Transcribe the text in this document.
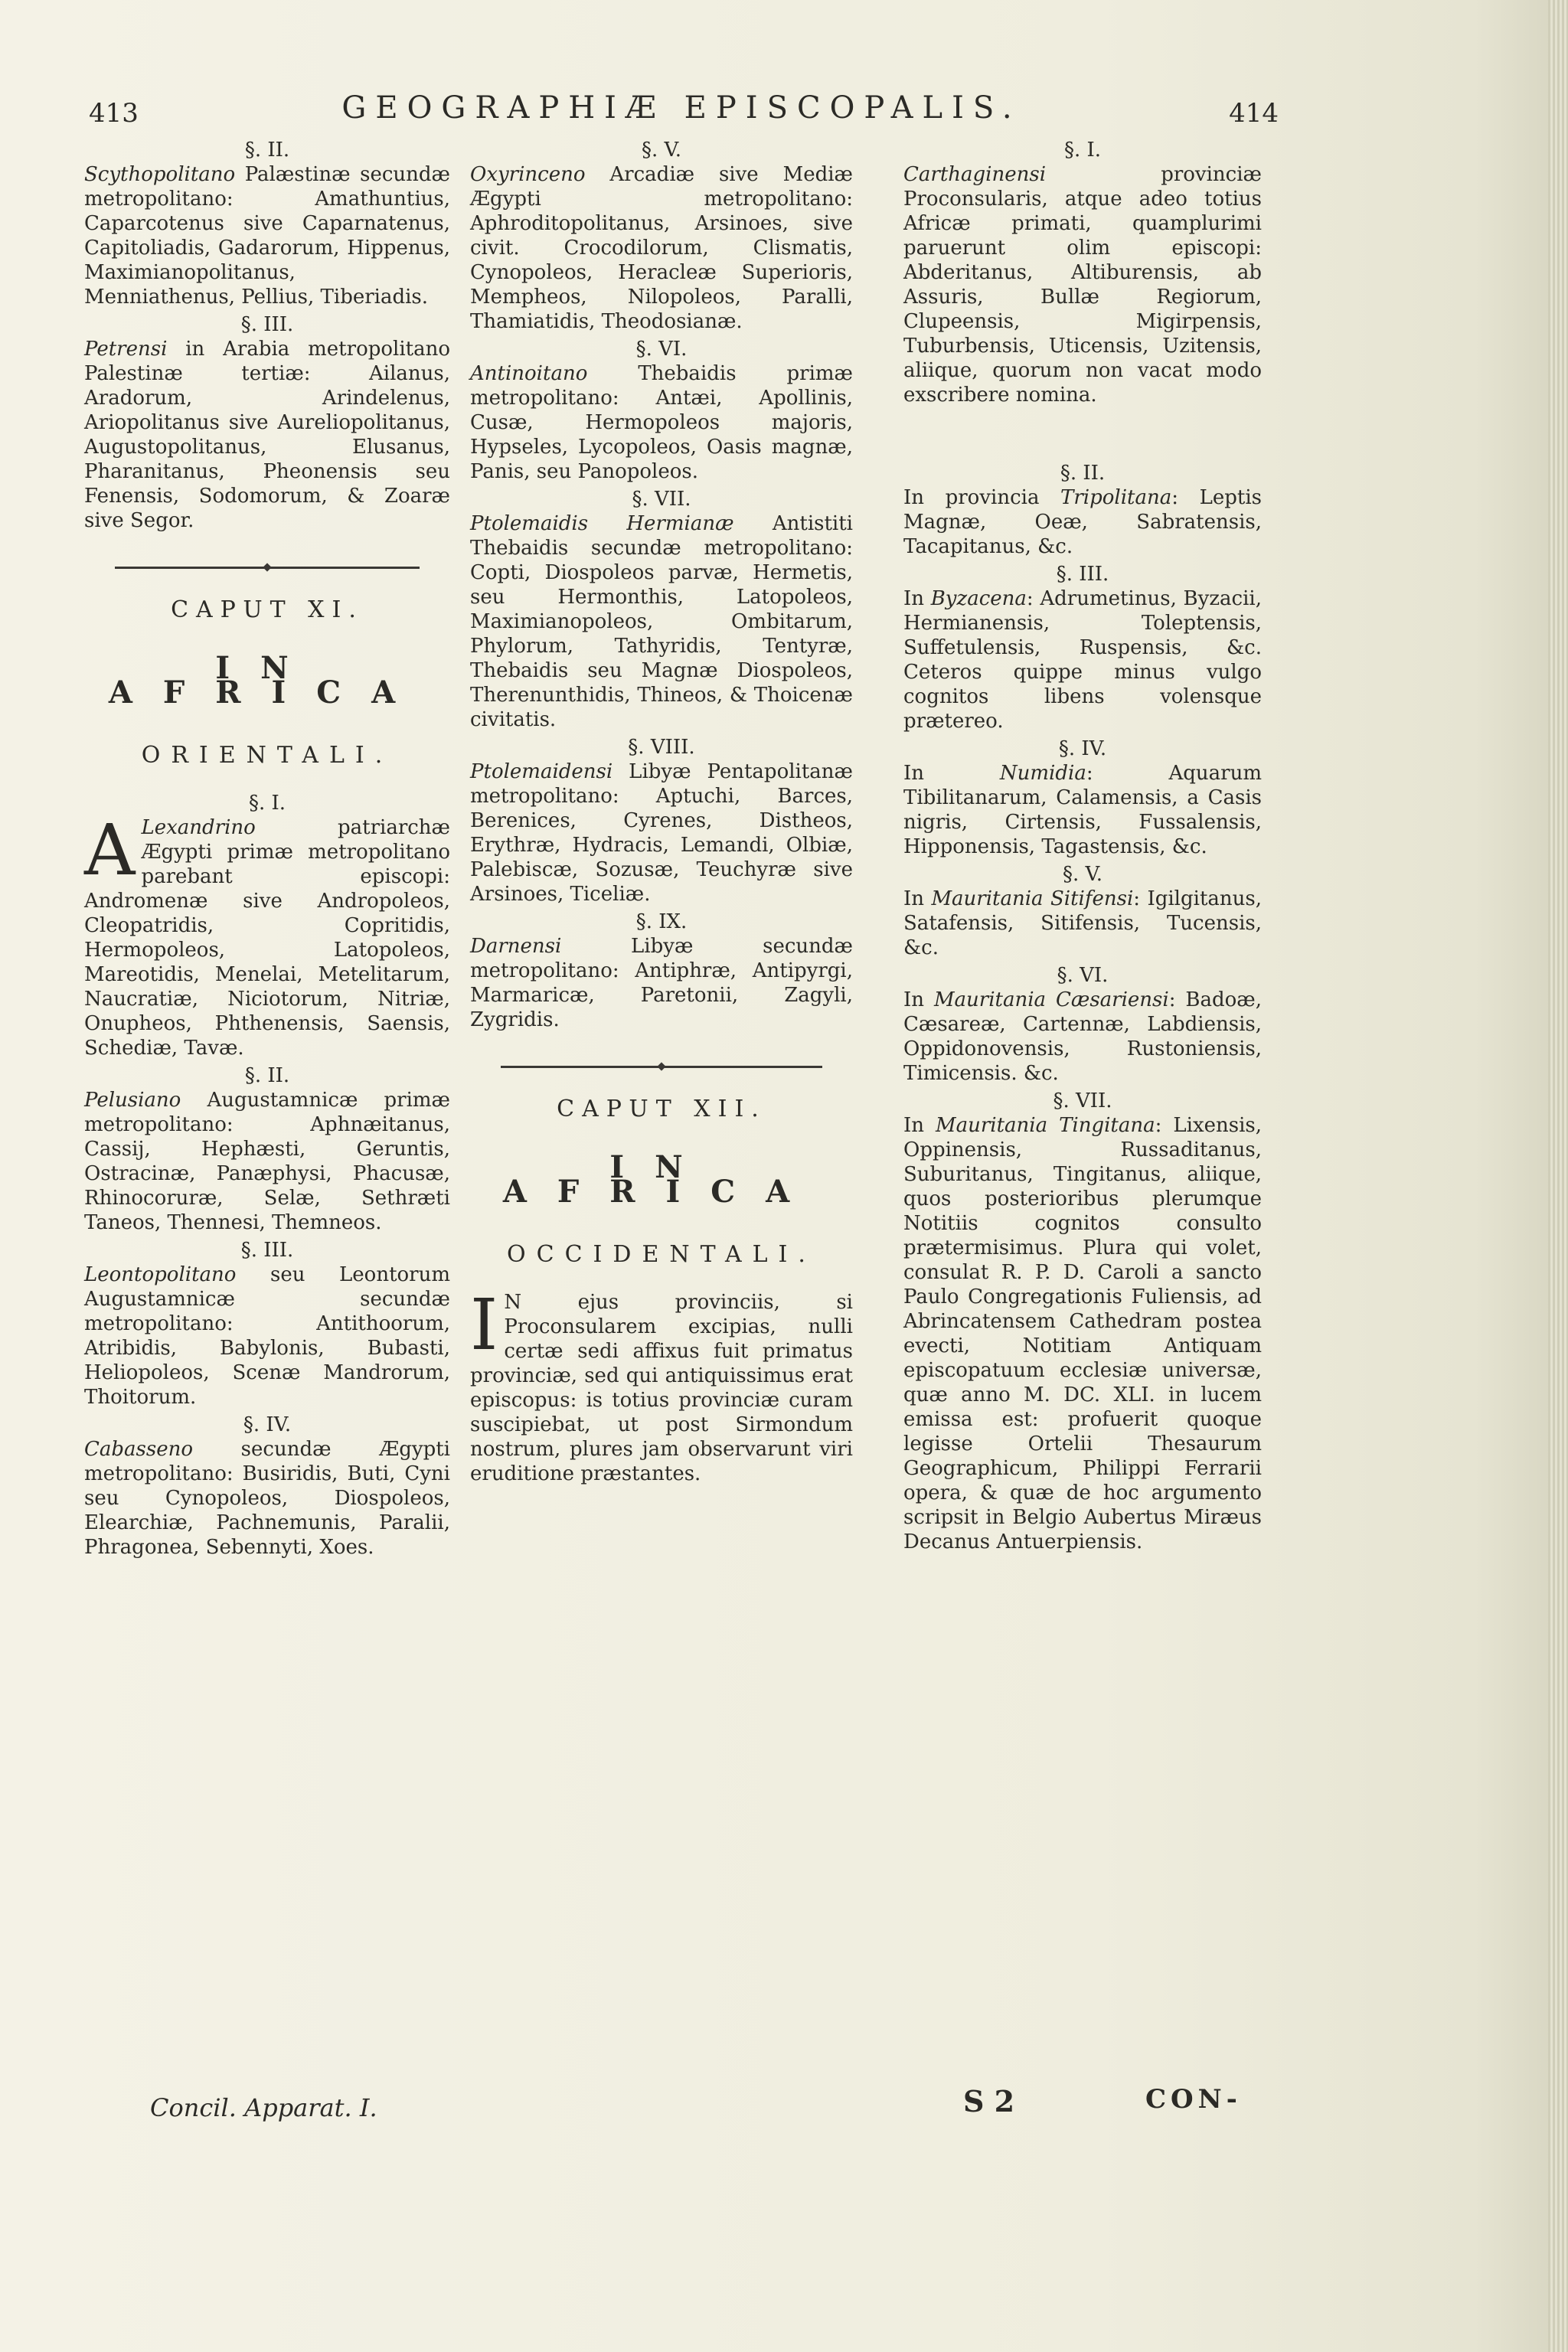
413	GEOGRAPHIÆ EPISCOPALIS.	414
§. II.

Scythopolitano Palæstinæ secundæ metropolitano: Amathuntius, Caparcotenus sive Caparnatenus, Capitoliadis, Gadarorum, Hippenus, Maximianopolitanus, Menniathenus, Pellius, Tiberiadis.

§. III.

Petrensi in Arabia metropolitano Palestinæ tertiæ: Ailanus, Aradorum, Arindelenus, Ariopolitanus sive Aureliopolitanus, Augustopolitanus, Elusanus, Pharanitanus, Pheonensis seu Fenensis, Sodomorum, & Zoaræ sive Segor.

CAPUT XI.
IN AFRICA
ORIENTALI.
§. I.

A Lexandrino patriarchæ Ægypti primæ metropolitano parebant episcopi: Andromenæ sive Andropoleos, Cleopatridis, Copritidis, Hermopoleos, Latopoleos, Mareotidis, Menelai, Metelitarum, Naucratiæ, Niciotorum, Nitriæ, Onupheos, Phthenensis, Saensis, Schediæ, Tavæ.

§. II.

Pelusiano Augustamnicæ primæ metropolitano: Aphnæitanus, Cassij, Hephæsti, Geruntis, Ostracinæ, Panæphysi, Phacusæ, Rhinocoruræ, Selæ, Sethræti Taneos, Thennesi, Themneos.

§. III.

Leontopolitano seu Leontorum Augustamnicæ secundæ metropolitano: Antithoorum, Atribidis, Babylonis, Bubasti, Heliopoleos, Scenæ Mandrorum, Thoitorum.

§. IV.

Cabasseno secundæ Ægypti metropolitano: Busiridis, Buti, Cyni seu Cynopoleos, Diospoleos, Elearchiæ, Pachnemunis, Paralii, Phragonea, Sebennyti, Xoes.

§. V.

Oxyrinceno Arcadiæ sive Mediæ Ægypti metropolitano: Aphroditopolitanus, Arsinoes, sive civit. Crocodilorum, Clismatis, Cynopoleos, Heracleæ Superioris, Mempheos, Nilopoleos, Paralli, Thamiatidis, Theodosianæ.

§. VI.

Antinoitano Thebaidis primæ metropolitano: Antæi, Apollinis, Cusæ, Hermopoleos majoris, Hypseles, Lycopoleos, Oasis magnæ, Panis, seu Panopoleos.

§. VII.

Ptolemaidis Hermianæ Antistiti Thebaidis secundæ metropolitano: Copti, Diospoleos parvæ, Hermetis, seu Hermonthis, Latopoleos, Maximianopoleos, Ombitarum, Phylorum, Tathyridis, Tentyræ, Thebaidis seu Magnæ Diospoleos, Therenunthidis, Thineos, & Thoicenæ civitatis.

§. VIII.

Ptolemaidensi Libyæ Pentapolitanæ metropolitano: Aptuchi, Barces, Berenices, Cyrenes, Distheos, Erythræ, Hydracis, Lemandi, Olbiæ, Palebiscæ, Sozusæ, Teuchyræ sive Arsinoes, Ticeliæ.

§. IX.

Darnensi Libyæ secundæ metropolitano: Antiphræ, Antipyrgi, Marmaricæ, Paretonii, Zagyli, Zygridis.

CAPUT XII.
IN AFRICA
OCCIDENTALI.

I N ejus provinciis, si Proconsularem excipias, nulli certæ sedi affixus fuit primatus provinciæ, sed qui antiquissimus erat episcopus: is totius provinciæ curam suscipiebat, ut post Sirmondum nostrum, plures jam observarunt viri eruditione præstantes.

§. I.

Carthaginensi provinciæ Proconsularis, atque adeo totius Africæ primati, quamplurimi paruerunt olim episcopi: Abderitanus, Altiburensis, ab Assuris, Bullæ Regiorum, Clupeensis, Migirpensis, Tuburbensis, Uticensis, Uzitensis, aliique, quorum non vacat modo exscribere nomina.

§. II.

In provincia Tripolitana: Leptis Magnæ, Oeæ, Sabratensis, Tacapitanus, &c.

§. III.

In Byzacena: Adrumetinus, Byzacii, Hermianensis, Toleptensis, Suffetulensis, Ruspensis, &c. Ceteros quippe minus vulgo cognitos libens volensque prætereo.

§. IV.

In Numidia: Aquarum Tibilitanarum, Calamensis, a Casis nigris, Cirtensis, Fussalensis, Hipponensis, Tagastensis, &c.

§. V.

In Mauritania Sitifensi: Igilgitanus, Satafensis, Sitifensis, Tucensis, &c.

§. VI.

In Mauritania Cæsariensi: Badoæ, Cæsareæ, Cartennæ, Labdiensis, Oppidonovensis, Rustoniensis, Timicensis. &c.

§. VII.

In Mauritania Tingitana: Lixensis, Oppinensis, Russaditanus, Suburitanus, Tingitanus, aliique, quos posterioribus plerumque Notitiis cognitos consulto prætermisimus. Plura qui volet, consulat R. P. D. Caroli a sancto Paulo Congregationis Fuliensis, ad Abrincatensem Cathedram postea evecti, Notitiam Antiquam episcopatuum ecclesiæ universæ, quæ anno M. DC. XLI. in lucem emissa est: profuerit quoque legisse Ortelii Thesaurum Geographicum, Philippi Ferrarii opera, & quæ de hoc argumento scripsit in Belgio Aubertus Miræus Decanus Antuerpiensis.

Concil. Apparat. I.	S 2	CON-
